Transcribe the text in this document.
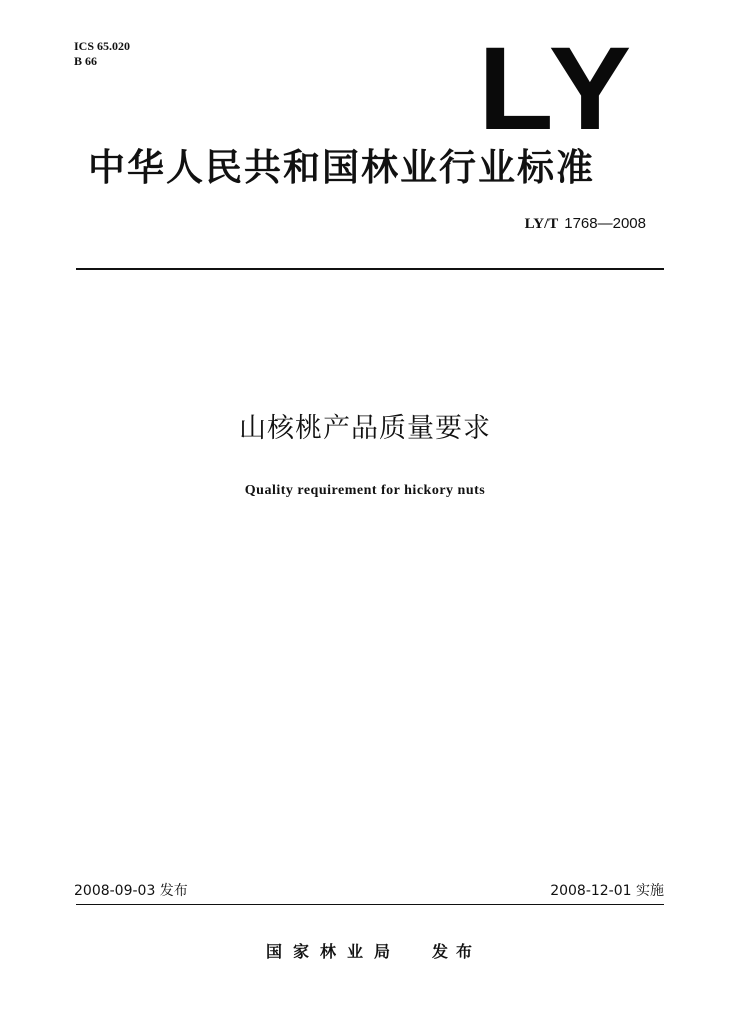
ICS 65.020
B 66	LY
中华人民共和国林业行业标准
LY/T 1768—2008
山核桃产品质量要求
Quality requirement for hickory nuts
2008-09-03 发布	2008-12-01 实施
国家林业局 发布
